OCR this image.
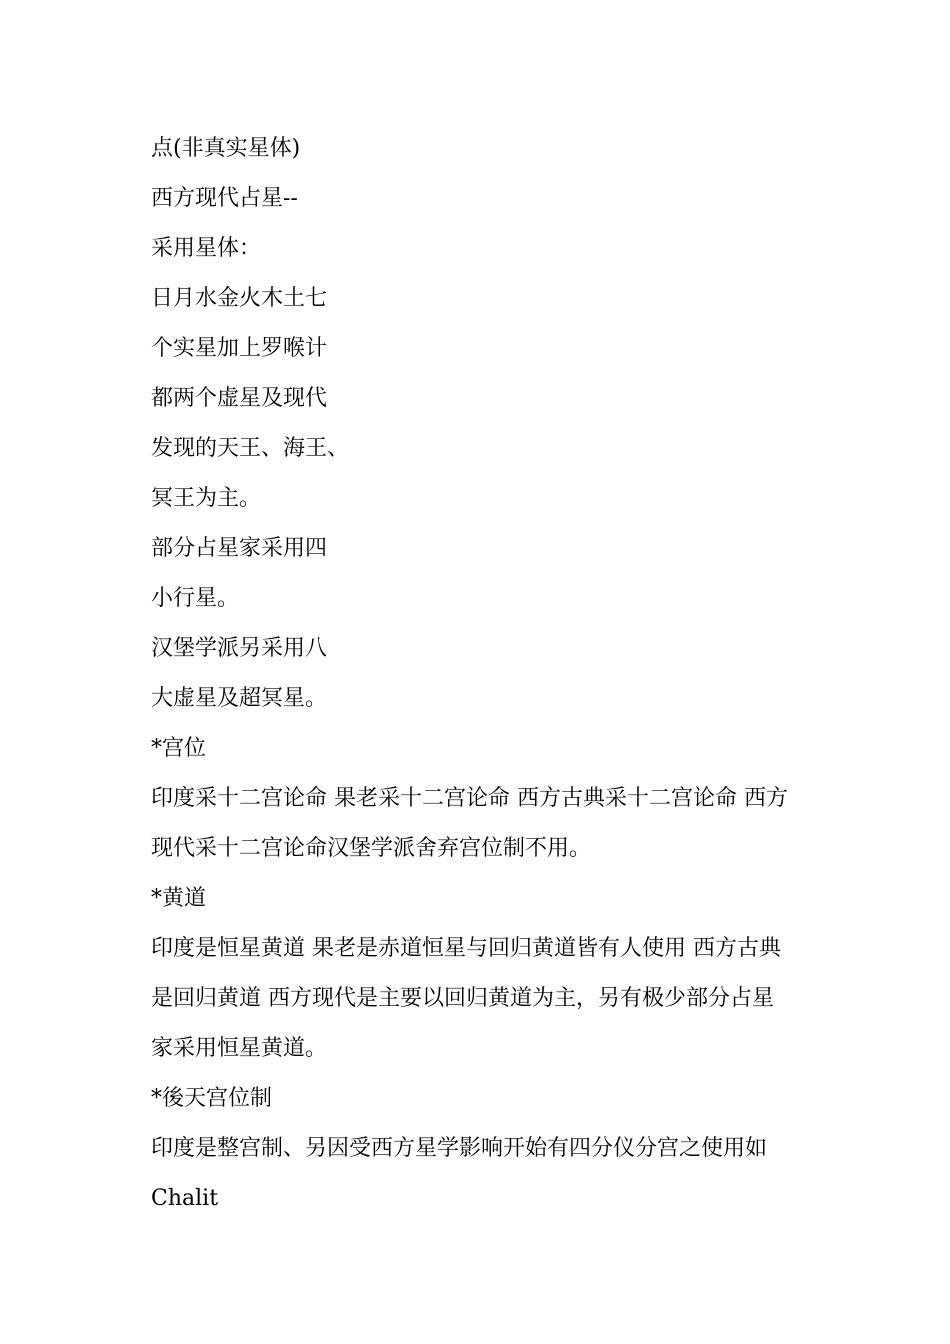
点(非真实星体)
西方现代占星--
采用星体：
日月水金火木土七
个实星加上罗喉计
都两个虚星及现代
发现的天王、海王、
冥王为主。
部分占星家采用四
小行星。
汉堡学派另采用八
大虚星及超冥星。
*宫位
印度采十二宫论命 果老采十二宫论命 西方古典采十二宫论命 西方
现代采十二宫论命汉堡学派舍弃宫位制不用。
*黄道
印度是恒星黄道 果老是赤道恒星与回归黄道皆有人使用 西方古典
是回归黄道 西方现代是主要以回归黄道为主，另有极少部分占星
家采用恒星黄道。
*後天宫位制
印度是整宫制、另因受西方星学影响开始有四分仪分宫之使用如
Chalit
